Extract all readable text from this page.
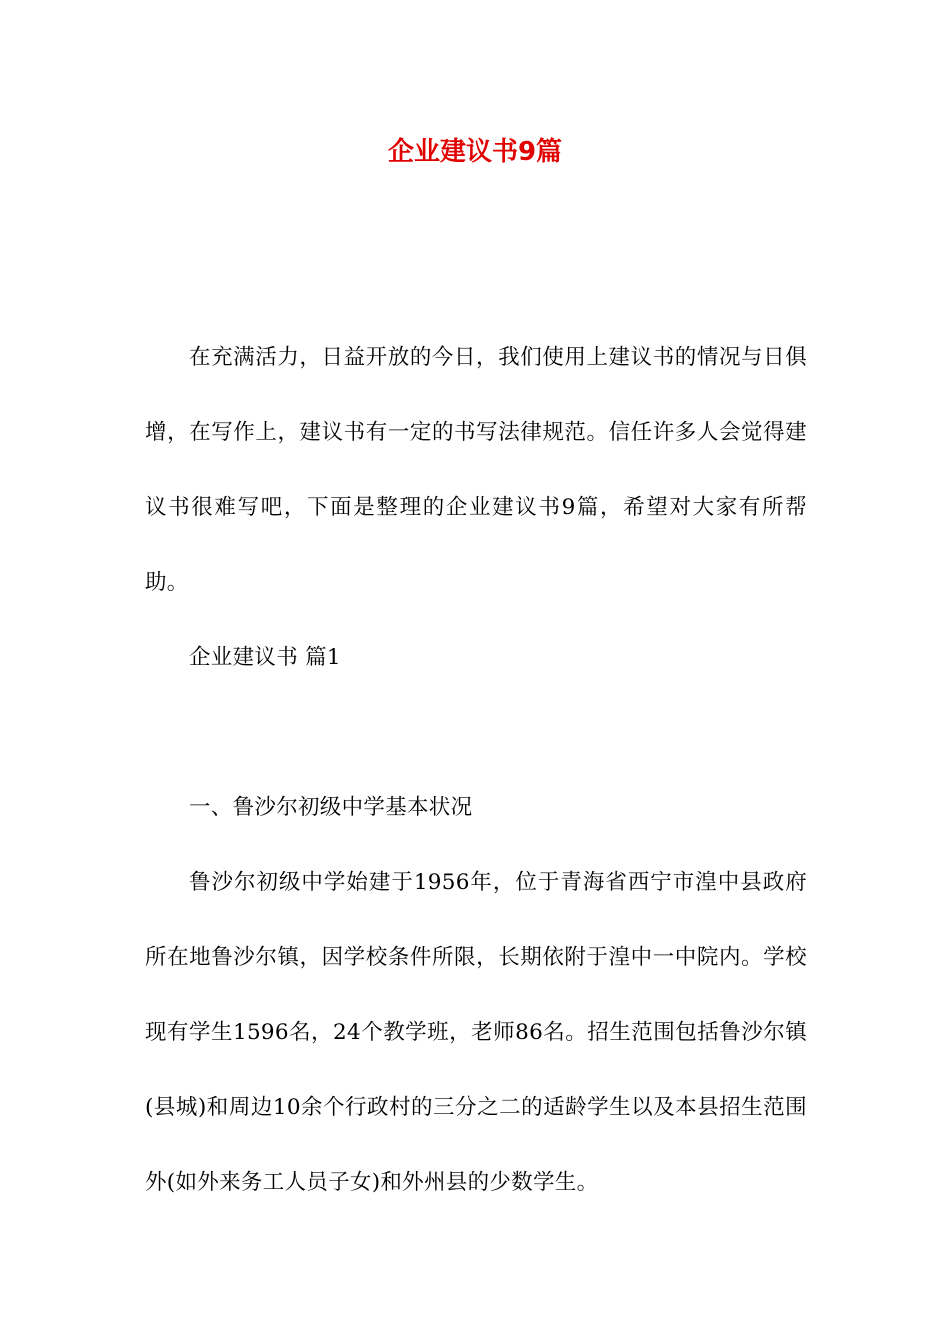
企业建议书9篇

在充满活力，日益开放的今日，我们使用上建议书的情况与日俱增，在写作上，建议书有一定的书写法律规范。信任许多人会觉得建议书很难写吧，下面是整理的企业建议书9篇，希望对大家有所帮助。

企业建议书 篇1

一、鲁沙尔初级中学基本状况

鲁沙尔初级中学始建于1956年，位于青海省西宁市湟中县政府所在地鲁沙尔镇，因学校条件所限，长期依附于湟中一中院内。学校现有学生1596名，24个教学班，老师86名。招生范围包括鲁沙尔镇(县城)和周边10余个行政村的三分之二的适龄学生以及本县招生范围外(如外来务工人员子女)和外州县的少数学生。
